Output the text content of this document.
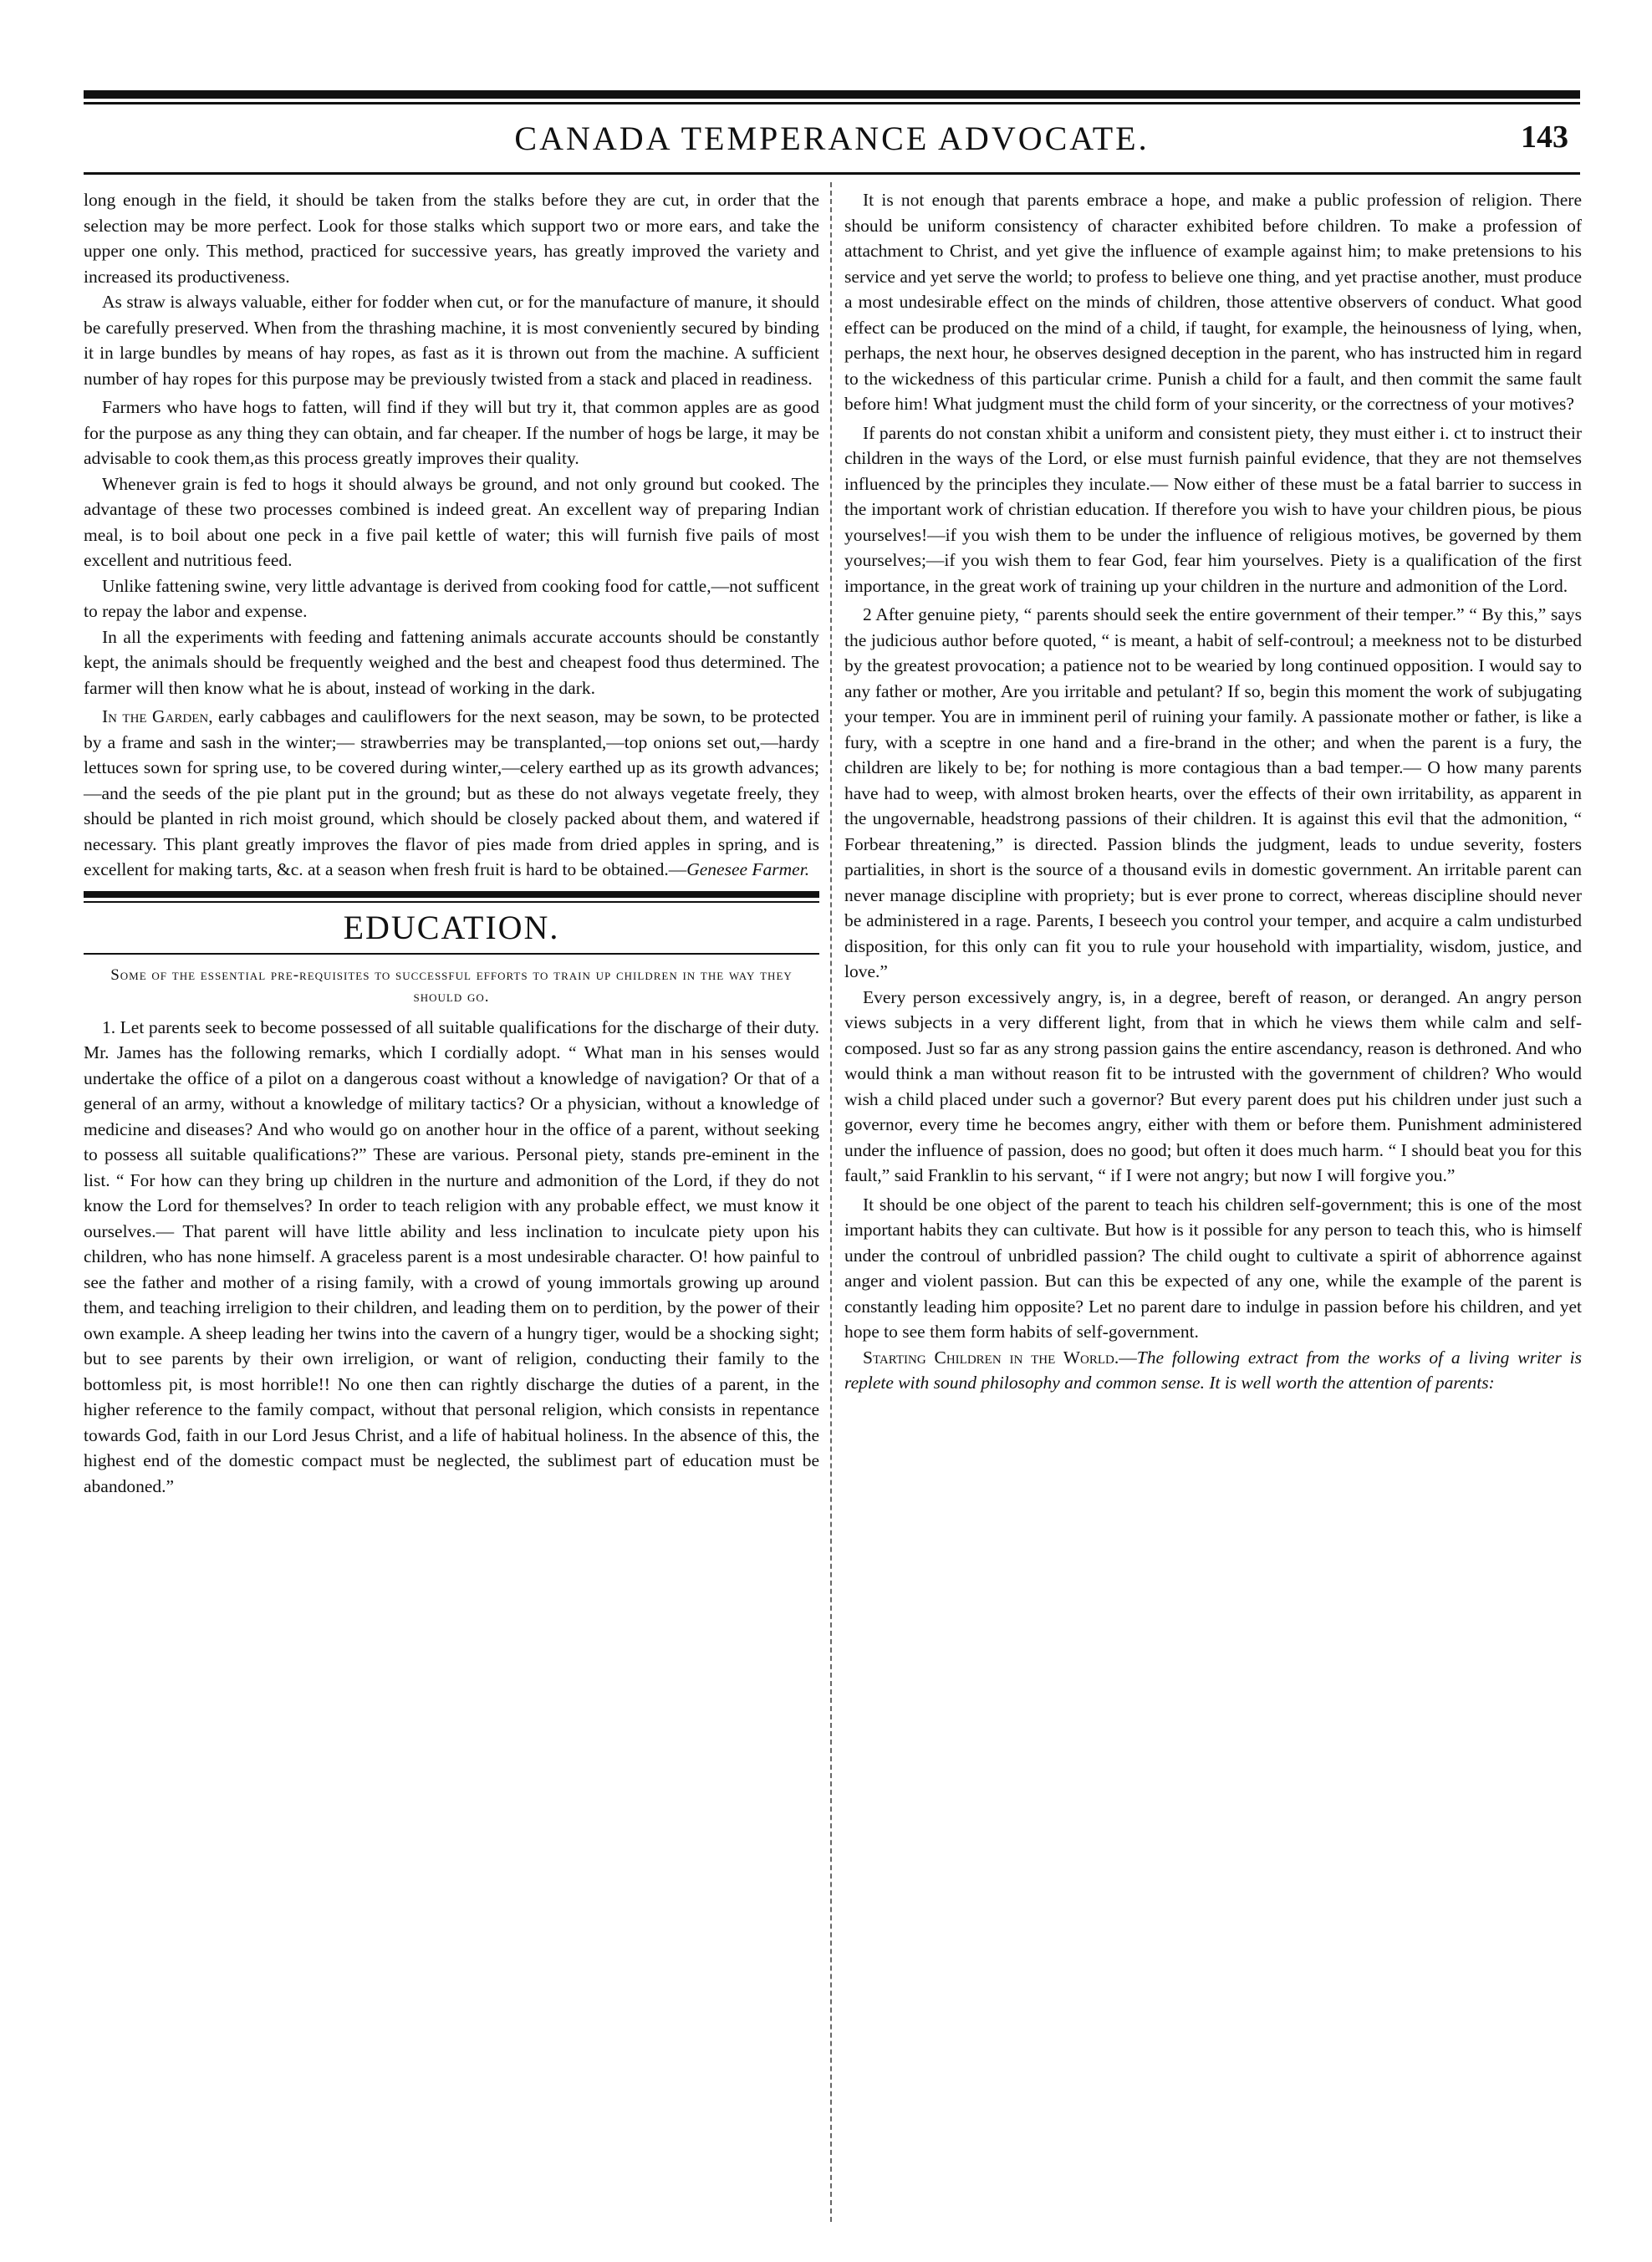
CANADA TEMPERANCE ADVOCATE.	143

long enough in the field, it should be taken from the stalks before they are cut, in order that the selection may be more perfect. Look for those stalks which support two or more ears, and take the upper one only. This method, practiced for successive years, has greatly improved the variety and increased its productiveness.

As straw is always valuable, either for fodder when cut, or for the manufacture of manure, it should be carefully preserved. When from the thrashing machine, it is most conveniently secured by binding it in large bundles by means of hay ropes, as fast as it is thrown out from the machine. A sufficient number of hay ropes for this purpose may be previously twisted from a stack and placed in readiness.

Farmers who have hogs to fatten, will find if they will but try it, that common apples are as good for the purpose as any thing they can obtain, and far cheaper. If the number of hogs be large, it may be advisable to cook them,as this process greatly improves their quality.

Whenever grain is fed to hogs it should always be ground, and not only ground but cooked. The advantage of these two processes combined is indeed great. An excellent way of preparing Indian meal, is to boil about one peck in a five pail kettle of water; this will furnish five pails of most excellent and nutritious feed.

Unlike fattening swine, very little advantage is derived from cooking food for cattle,—not sufficent to repay the labor and expense.

In all the experiments with feeding and fattening animals accurate accounts should be constantly kept, the animals should be frequently weighed and the best and cheapest food thus determined. The farmer will then know what he is about, instead of working in the dark.

In the Garden, early cabbages and cauliflowers for the next season, may be sown, to be protected by a frame and sash in the winter;— strawberries may be transplanted,—top onions set out,—hardy lettuces sown for spring use, to be covered during winter,—celery earthed up as its growth advances;—and the seeds of the pie plant put in the ground; but as these do not always vegetate freely, they should be planted in rich moist ground, which should be closely packed about them, and watered if necessary. This plant greatly improves the flavor of pies made from dried apples in spring, and is excellent for making tarts, &c. at a season when fresh fruit is hard to be obtained.—Genesee Farmer.

EDUCATION.
Some of the essential pre-requisites to successful efforts to train up children in the way they should go.

1. Let parents seek to become possessed of all suitable qualifications for the discharge of their duty. Mr. James has the following remarks, which I cordially adopt. “ What man in his senses would undertake the office of a pilot on a dangerous coast without a knowledge of navigation? Or that of a general of an army, without a knowledge of military tactics? Or a physician, without a knowledge of medicine and diseases? And who would go on another hour in the office of a parent, without seeking to possess all suitable qualifications?” These are various. Personal piety, stands pre-eminent in the list. “ For how can they bring up children in the nurture and admonition of the Lord, if they do not know the Lord for themselves? In order to teach religion with any probable effect, we must know it ourselves.— That parent will have little ability and less inclination to inculcate piety upon his children, who has none himself. A graceless parent is a most undesirable character. O! how painful to see the father and mother of a rising family, with a crowd of young immortals growing up around them, and teaching irreligion to their children, and leading them on to perdition, by the power of their own example. A sheep leading her twins into the cavern of a hungry tiger, would be a shocking sight; but to see parents by their own irreligion, or want of religion, conducting their family to the bottomless pit, is most horrible!! No one then can rightly discharge the duties of a parent, in the higher reference to the family compact, without that personal religion, which consists in repentance towards God, faith in our Lord Jesus Christ, and a life of habitual holiness. In the absence of this, the highest end of the domestic compact must be neglected, the sublimest part of education must be abandoned.”

It is not enough that parents embrace a hope, and make a public profession of religion. There should be uniform consistency of character exhibited before children. To make a profession of attachment to Christ, and yet give the influence of example against him; to make pretensions to his service and yet serve the world; to profess to believe one thing, and yet practise another, must produce a most undesirable effect on the minds of children, those attentive observers of conduct. What good effect can be produced on the mind of a child, if taught, for example, the heinousness of lying, when, perhaps, the next hour, he observes designed deception in the parent, who has instructed him in regard to the wickedness of this particular crime. Punish a child for a fault, and then commit the same fault before him! What judgment must the child form of your sincerity, or the correctness of your motives?

If parents do not constan xhibit a uniform and consistent piety, they must either i. ct to instruct their children in the ways of the Lord, or else must furnish painful evidence, that they are not themselves influenced by the principles they inculate.— Now either of these must be a fatal barrier to success in the important work of christian education. If therefore you wish to have your children pious, be pious yourselves!—if you wish them to be under the influence of religious motives, be governed by them yourselves;—if you wish them to fear God, fear him yourselves. Piety is a qualification of the first importance, in the great work of training up your children in the nurture and admonition of the Lord.

2 After genuine piety, “ parents should seek the entire government of their temper.” “ By this,” says the judicious author before quoted, “ is meant, a habit of self-controul; a meekness not to be disturbed by the greatest provocation; a patience not to be wearied by long continued opposition. I would say to any father or mother, Are you irritable and petulant? If so, begin this moment the work of subjugating your temper. You are in imminent peril of ruining your family. A passionate mother or father, is like a fury, with a sceptre in one hand and a fire-brand in the other; and when the parent is a fury, the children are likely to be; for nothing is more contagious than a bad temper.— O how many parents have had to weep, with almost broken hearts, over the effects of their own irritability, as apparent in the ungovernable, headstrong passions of their children. It is against this evil that the admonition, “ Forbear threatening,” is directed. Passion blinds the judgment, leads to undue severity, fosters partialities, in short is the source of a thousand evils in domestic government. An irritable parent can never manage discipline with propriety; but is ever prone to correct, whereas discipline should never be administered in a rage. Parents, I beseech you control your temper, and acquire a calm undisturbed disposition, for this only can fit you to rule your household with impartiality, wisdom, justice, and love.”

Every person excessively angry, is, in a degree, bereft of reason, or deranged. An angry person views subjects in a very different light, from that in which he views them while calm and self-composed. Just so far as any strong passion gains the entire ascendancy, reason is dethroned. And who would think a man without reason fit to be intrusted with the government of children? Who would wish a child placed under such a governor? But every parent does put his children under just such a governor, every time he becomes angry, either with them or before them. Punishment administered under the influence of passion, does no good; but often it does much harm. “ I should beat you for this fault,” said Franklin to his servant, “ if I were not angry; but now I will forgive you.”

It should be one object of the parent to teach his children self-government; this is one of the most important habits they can cultivate. But how is it possible for any person to teach this, who is himself under the controul of unbridled passion? The child ought to cultivate a spirit of abhorrence against anger and violent passion. But can this be expected of any one, while the example of the parent is constantly leading him opposite? Let no parent dare to indulge in passion before his children, and yet hope to see them form habits of self-government.

Starting Children in the World.—The following extract from the works of a living writer is replete with sound philosophy and common sense. It is well worth the attention of parents:
